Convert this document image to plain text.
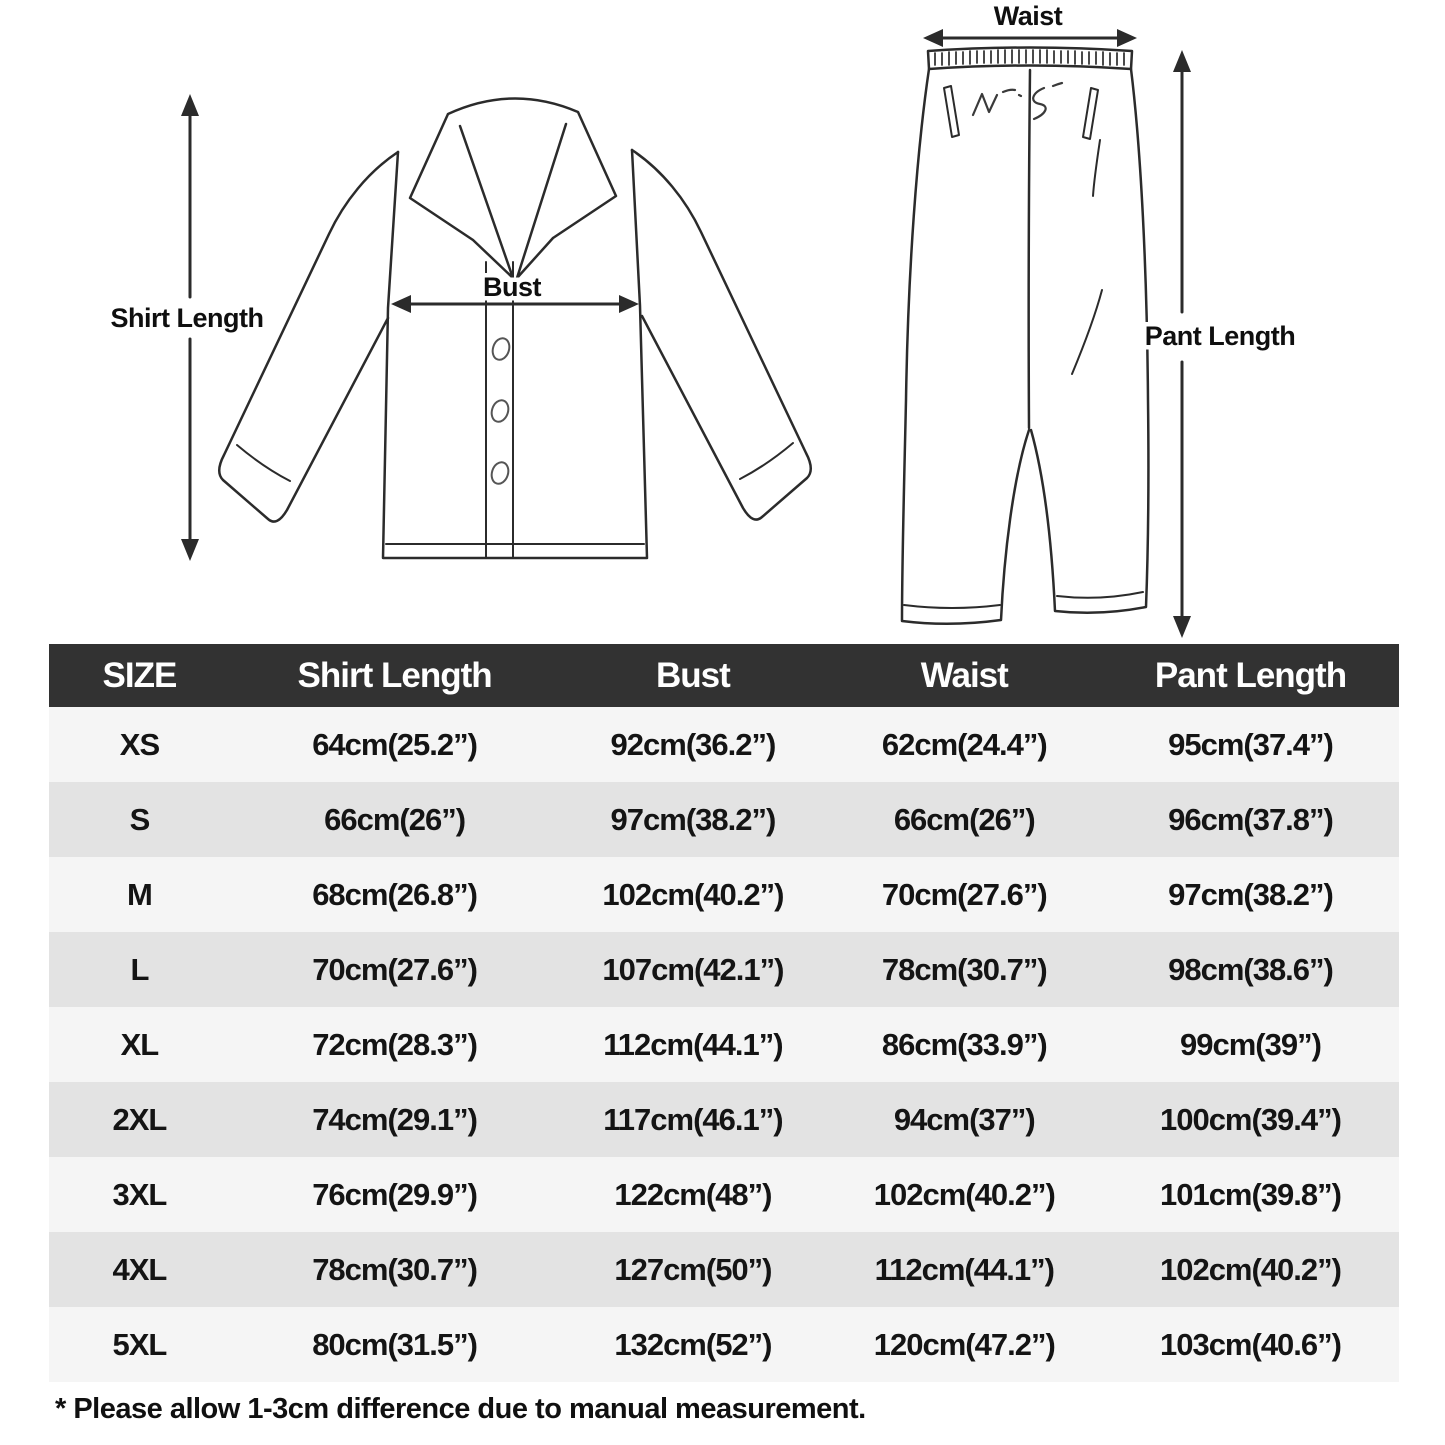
Shirt Length
Bust
Waist
Pant Length
SIZE	Shirt Length	Bust	Waist	Pant Length
XS	64cm(25.2”)	92cm(36.2”)	62cm(24.4”)	95cm(37.4”)
S	66cm(26”)	97cm(38.2”)	66cm(26”)	96cm(37.8”)
M	68cm(26.8”)	102cm(40.2”)	70cm(27.6”)	97cm(38.2”)
L	70cm(27.6”)	107cm(42.1”)	78cm(30.7”)	98cm(38.6”)
XL	72cm(28.3”)	112cm(44.1”)	86cm(33.9”)	99cm(39”)
2XL	74cm(29.1”)	117cm(46.1”)	94cm(37”)	100cm(39.4”)
3XL	76cm(29.9”)	122cm(48”)	102cm(40.2”)	101cm(39.8”)
4XL	78cm(30.7”)	127cm(50”)	112cm(44.1”)	102cm(40.2”)
5XL	80cm(31.5”)	132cm(52”)	120cm(47.2”)	103cm(40.6”)
* Please allow 1-3cm difference due to manual measurement.
